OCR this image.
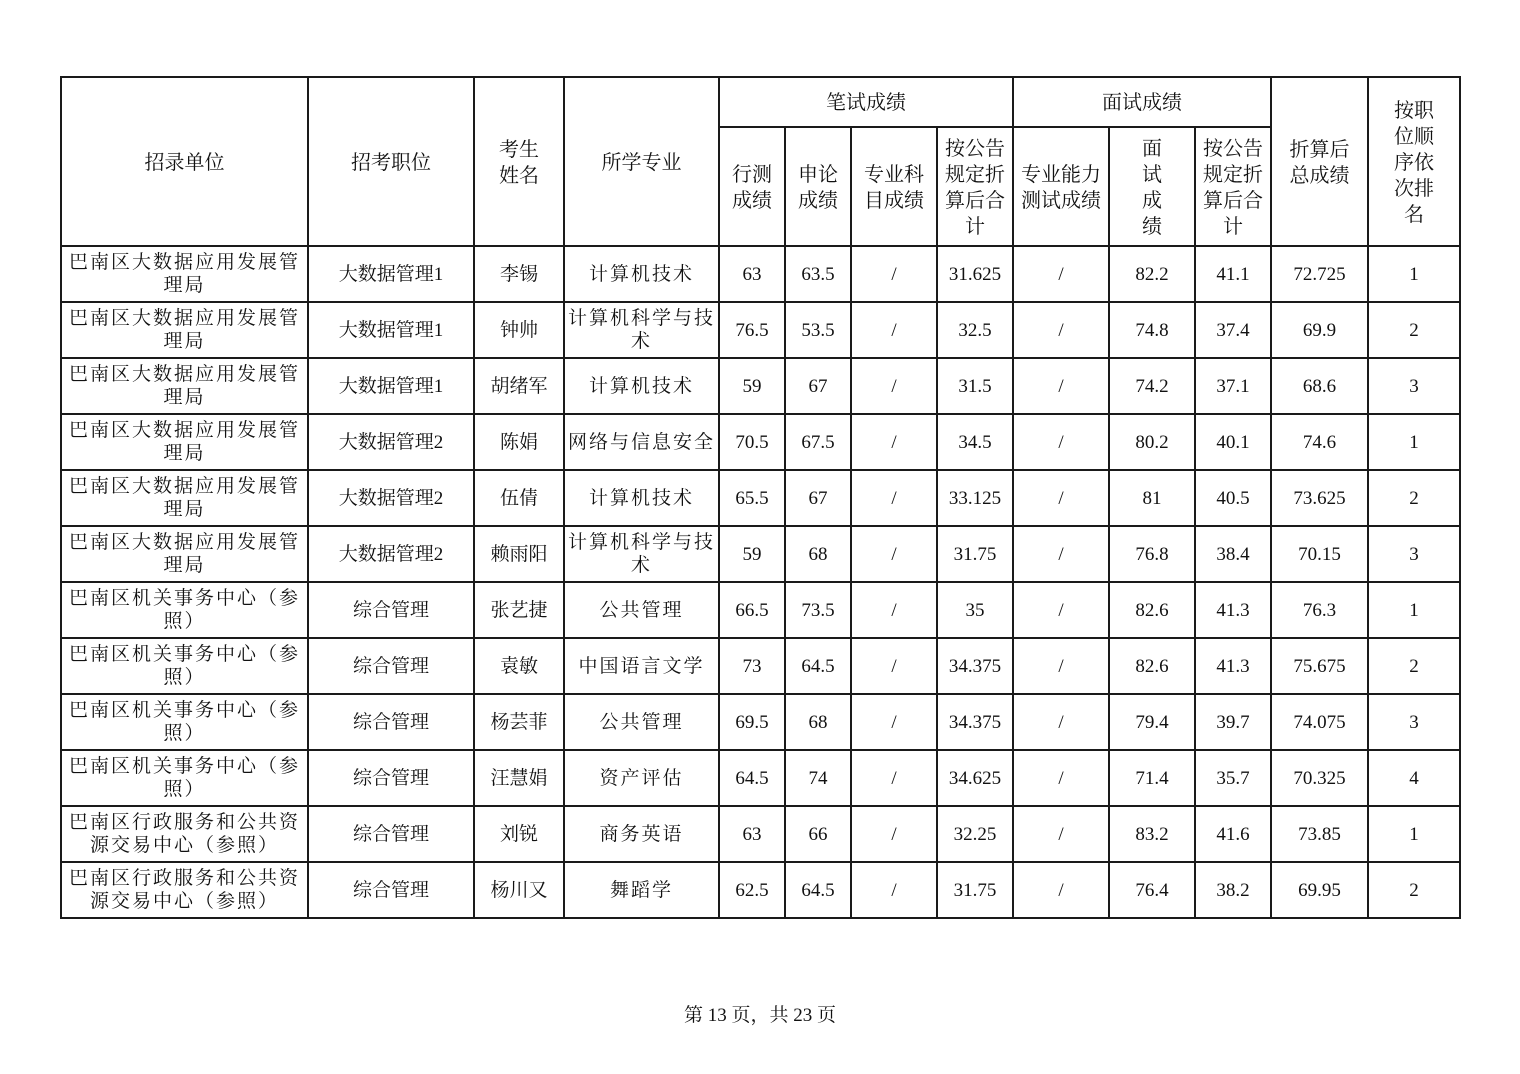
招录单位	招考职位	考生姓名	所学专业	笔试成绩				面试成绩			折算后总成绩	按职位顺序依次排名
				行测成绩	申论成绩	专业科目成绩	按公告规定折算后合计	专业能力测试成绩	面试成绩	按公告规定折算后合计		
巴南区大数据应用发展管理局	大数据管理1	李锡	计算机技术	63	63.5	/	31.625	/	82.2	41.1	72.725	1
巴南区大数据应用发展管理局	大数据管理1	钟帅	计算机科学与技术	76.5	53.5	/	32.5	/	74.8	37.4	69.9	2
巴南区大数据应用发展管理局	大数据管理1	胡绪军	计算机技术	59	67	/	31.5	/	74.2	37.1	68.6	3
巴南区大数据应用发展管理局	大数据管理2	陈娟	网络与信息安全	70.5	67.5	/	34.5	/	80.2	40.1	74.6	1
巴南区大数据应用发展管理局	大数据管理2	伍倩	计算机技术	65.5	67	/	33.125	/	81	40.5	73.625	2
巴南区大数据应用发展管理局	大数据管理2	赖雨阳	计算机科学与技术	59	68	/	31.75	/	76.8	38.4	70.15	3
巴南区机关事务中心（参照）	综合管理	张艺捷	公共管理	66.5	73.5	/	35	/	82.6	41.3	76.3	1
巴南区机关事务中心（参照）	综合管理	袁敏	中国语言文学	73	64.5	/	34.375	/	82.6	41.3	75.675	2
巴南区机关事务中心（参照）	综合管理	杨芸菲	公共管理	69.5	68	/	34.375	/	79.4	39.7	74.075	3
巴南区机关事务中心（参照）	综合管理	汪慧娟	资产评估	64.5	74	/	34.625	/	71.4	35.7	70.325	4
巴南区行政服务和公共资源交易中心（参照）	综合管理	刘锐	商务英语	63	66	/	32.25	/	83.2	41.6	73.85	1
巴南区行政服务和公共资源交易中心（参照）	综合管理	杨川又	舞蹈学	62.5	64.5	/	31.75	/	76.4	38.2	69.95	2
第 13 页，共 23 页
